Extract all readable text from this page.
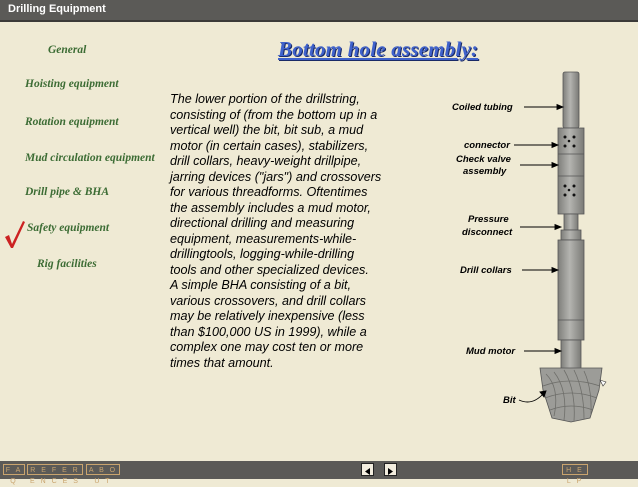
Drilling Equipment
General
Hoisting equipment
Rotation equipment
Mud circulation equipment
Drill pipe & BHA
Safety equipment
Rig facilities
Bottom hole assembly:
The lower portion of the drillstring,
consisting of (from the bottom up in a
vertical well) the bit, bit sub, a mud
motor (in certain cases), stabilizers,
drill collars, heavy-weight drillpipe,
jarring devices ("jars") and crossovers
for various threadforms. Oftentimes
the assembly includes a mud motor,
directional drilling and measuring
equipment, measurements-while-
drillingtools, logging-while-drilling
tools and other specialized devices.
A simple BHA consisting of a bit,
various crossovers, and drill collars
may be relatively inexpensive (less
than $100,000 US in 1999), while a
complex one may cost ten or more
times that amount.
Coiled tubing
connector
Check valve
assembly
Pressure
disconnect
Drill collars
Mud motor
Bit
F A Q
R E F E R E N C E S
A B O U T
H E L P
